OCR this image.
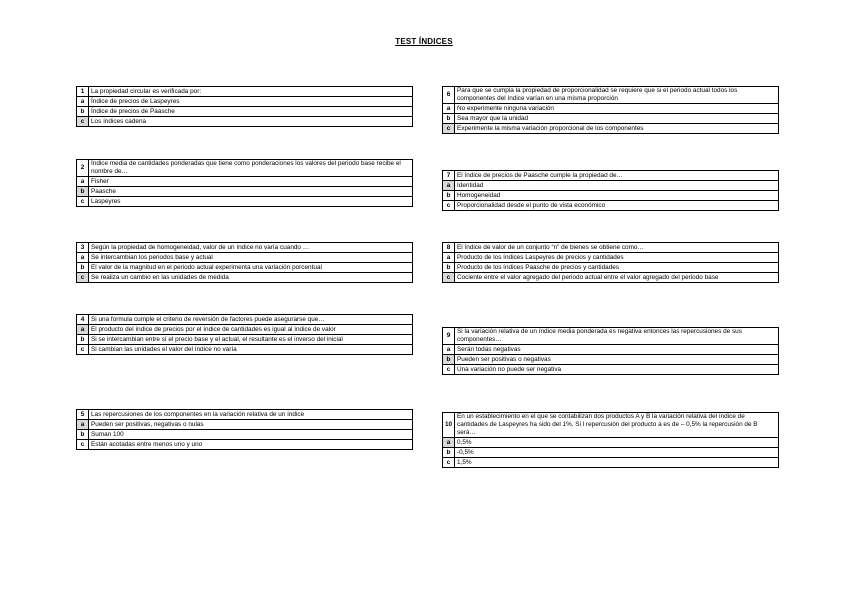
TEST ÍNDICES
1	La propiedad circular es verificada por:
a	Índice de precios de Laspeyres
b	Índice de precios de Paasche
c	Los índices cadena
2	Índice media de cantidades ponderadas que tiene como ponderaciones los valores del periodo base recibe el nombre de…
a	Fisher
b	Paasche
c	Laspeyres
3	Según la propiedad de homogeneidad, valor de un índice no varía cuando …
a	Se intercambian los periodos base y actual
b	El valor de la magnitud en el periodo actual experimenta una variación porcentual
c	Se realiza un cambio en las unidades de medida
4	Si una formula cumple el criterio de reversión de factores puede asegurarse que…
a	El producto del índice de precios por el índice de cantidades es igual al índice de valor
b	Si se intercambian entre sí el precio base y el actual, el resultante es el inverso del inicial
c	Si cambian las unidades el valor del índice no varía
5	Las repercusiones de los componentes en la variación relativa de un índice
a	Pueden ser positivas, negativas o nulas
b	Suman 100
c	Están acotadas entre menos uno y uno
6	Para que se cumpla la propiedad de proporcionalidad se requiere que si el periodo actual todos los componentes del índice varían en una misma proporción
a	No experimente ninguna variación
b	Sea mayor que la unidad
c	Experimente la misma variación proporcional de los componentes
7	El índice de precios de Paasche cumple la propiedad de…
a	Identidad
b	Homogeneidad
c	Proporcionalidad desde el punto de vista económico
8	El índice de valor de un conjunto “n” de bienes se obtiene como…
a	Producto de los índices Laspeyres de precios y cantidades
b	Producto de los índices Paasche de precios y cantidades
c	Cociente entre el valor agregado del periodo actual entre el valor agregado del periodo base
9	Si la variación relativa de un índice media ponderada es negativa entonces las repercusiones de sus componentes…
a	Serán todas negativas
b	Pueden ser positivas o negativas
c	Una variación no puede ser negativa
10	En un establecimiento en el que se contabilizan dos productos A y B la variación relativa del índice de cantidades de Laspeyres ha sido del 1%. Si l repercusión del producto a es de – 0,5% la repercusión de B será…
a	0,5%
b	-0,5%
c	1,5%
